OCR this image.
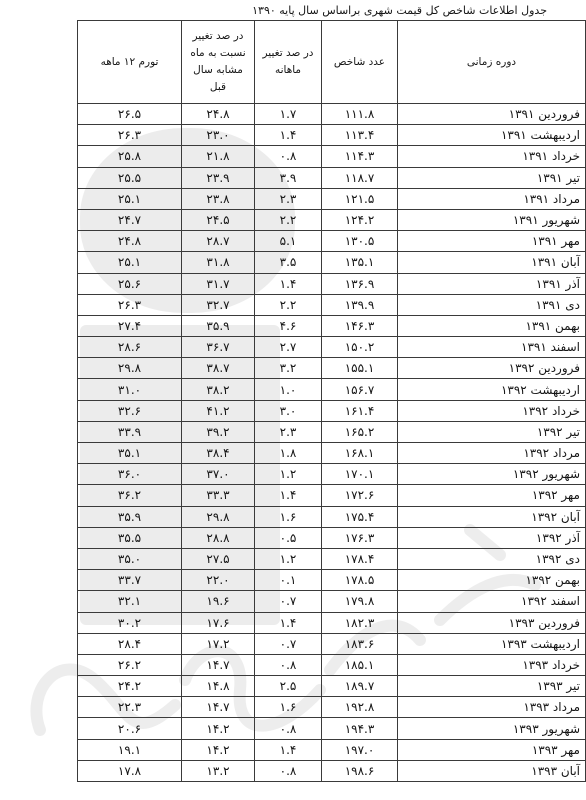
جدول اطلاعات شاخص کل قیمت شهری براساس سال پایه ۱۳۹۰
دوره زمانی	عدد شاخص	در صد تغییر ماهانه	در صد تغییر نسبت به ماه مشابه سال قبل	تورم ۱۲ ماهه
فروردین ۱۳۹۱	۱۱۱.۸	۱.۷	۲۴.۸	۲۶.۵
اردیبهشت ۱۳۹۱	۱۱۳.۴	۱.۴	۲۳.۰	۲۶.۳
خرداد ۱۳۹۱	۱۱۴.۳	۰.۸	۲۱.۸	۲۵.۸
تیر ۱۳۹۱	۱۱۸.۷	۳.۹	۲۳.۹	۲۵.۵
مرداد ۱۳۹۱	۱۲۱.۵	۲.۳	۲۳.۸	۲۵.۱
شهریور ۱۳۹۱	۱۲۴.۲	۲.۲	۲۴.۵	۲۴.۷
مهر ۱۳۹۱	۱۳۰.۵	۵.۱	۲۸.۷	۲۴.۸
آبان ۱۳۹۱	۱۳۵.۱	۳.۵	۳۱.۸	۲۵.۱
آذر ۱۳۹۱	۱۳۶.۹	۱.۴	۳۱.۷	۲۵.۶
دی ۱۳۹۱	۱۳۹.۹	۲.۲	۳۲.۷	۲۶.۳
بهمن ۱۳۹۱	۱۴۶.۳	۴.۶	۳۵.۹	۲۷.۴
اسفند ۱۳۹۱	۱۵۰.۲	۲.۷	۳۶.۷	۲۸.۶
فروردین ۱۳۹۲	۱۵۵.۱	۳.۲	۳۸.۷	۲۹.۸
اردیبهشت ۱۳۹۲	۱۵۶.۷	۱.۰	۳۸.۲	۳۱.۰
خرداد ۱۳۹۲	۱۶۱.۴	۳.۰	۴۱.۲	۳۲.۶
تیر ۱۳۹۲	۱۶۵.۲	۲.۳	۳۹.۲	۳۳.۹
مرداد ۱۳۹۲	۱۶۸.۱	۱.۸	۳۸.۴	۳۵.۱
شهریور ۱۳۹۲	۱۷۰.۱	۱.۲	۳۷.۰	۳۶.۰
مهر ۱۳۹۲	۱۷۲.۶	۱.۴	۳۳.۳	۳۶.۲
آبان ۱۳۹۲	۱۷۵.۴	۱.۶	۲۹.۸	۳۵.۹
آذر ۱۳۹۲	۱۷۶.۳	۰.۵	۲۸.۸	۳۵.۵
دی ۱۳۹۲	۱۷۸.۴	۱.۲	۲۷.۵	۳۵.۰
بهمن ۱۳۹۲	۱۷۸.۵	۰.۱	۲۲.۰	۳۳.۷
اسفند ۱۳۹۲	۱۷۹.۸	۰.۷	۱۹.۶	۳۲.۱
فروردین ۱۳۹۳	۱۸۲.۳	۱.۴	۱۷.۶	۳۰.۲
اردیبهشت ۱۳۹۳	۱۸۳.۶	۰.۷	۱۷.۲	۲۸.۴
خرداد ۱۳۹۳	۱۸۵.۱	۰.۸	۱۴.۷	۲۶.۲
تیر ۱۳۹۳	۱۸۹.۷	۲.۵	۱۴.۸	۲۴.۲
مرداد ۱۳۹۳	۱۹۲.۸	۱.۶	۱۴.۷	۲۲.۳
شهریور ۱۳۹۳	۱۹۴.۳	۰.۸	۱۴.۲	۲۰.۶
مهر ۱۳۹۳	۱۹۷.۰	۱.۴	۱۴.۲	۱۹.۱
آبان ۱۳۹۳	۱۹۸.۶	۰.۸	۱۳.۲	۱۷.۸
